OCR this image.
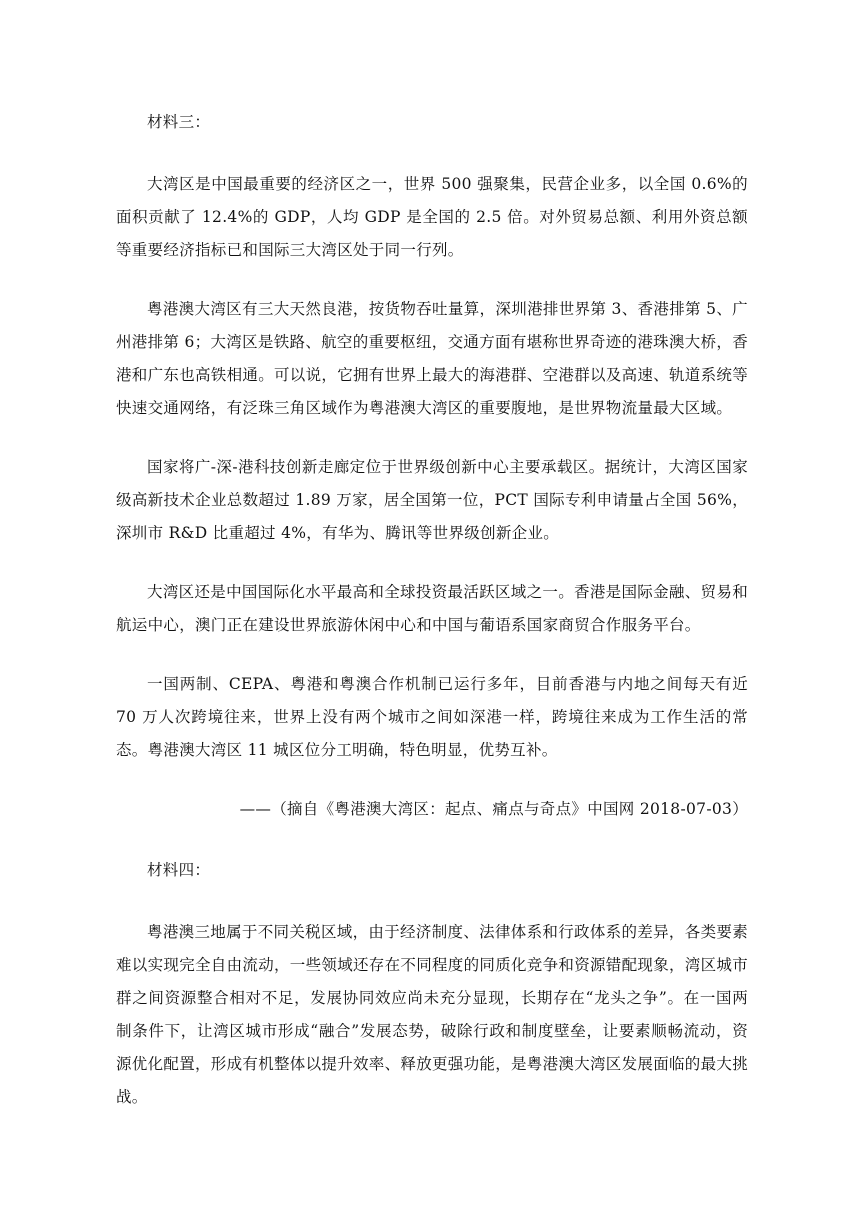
材料三：
大湾区是中国最重要的经济区之一，世界 500 强聚集，民营企业多，以全国 0.6%的面积贡献了 12.4%的 GDP，人均 GDP 是全国的 2.5 倍。对外贸易总额、利用外资总额等重要经济指标已和国际三大湾区处于同一行列。
粤港澳大湾区有三大天然良港，按货物吞吐量算，深圳港排世界第 3、香港排第 5、广州港排第 6；大湾区是铁路、航空的重要枢纽，交通方面有堪称世界奇迹的港珠澳大桥，香港和广东也高铁相通。可以说，它拥有世界上最大的海港群、空港群以及高速、轨道系统等快速交通网络，有泛珠三角区域作为粤港澳大湾区的重要腹地，是世界物流量最大区域。
国家将广-深-港科技创新走廊定位于世界级创新中心主要承载区。据统计，大湾区国家级高新技术企业总数超过 1.89 万家，居全国第一位，PCT 国际专利申请量占全国 56%，深圳市 R&D 比重超过 4%，有华为、腾讯等世界级创新企业。
大湾区还是中国国际化水平最高和全球投资最活跃区域之一。香港是国际金融、贸易和航运中心，澳门正在建设世界旅游休闲中心和中国与葡语系国家商贸合作服务平台。
一国两制、CEPA、粤港和粤澳合作机制已运行多年，目前香港与内地之间每天有近 70 万人次跨境往来，世界上没有两个城市之间如深港一样，跨境往来成为工作生活的常态。粤港澳大湾区 11 城区位分工明确，特色明显，优势互补。
——（摘自《粤港澳大湾区：起点、痛点与奇点》中国网 2018-07-03）
材料四：
粤港澳三地属于不同关税区域，由于经济制度、法律体系和行政体系的差异，各类要素难以实现完全自由流动，一些领域还存在不同程度的同质化竞争和资源错配现象，湾区城市群之间资源整合相对不足，发展协同效应尚未充分显现，长期存在“龙头之争”。在一国两制条件下，让湾区城市形成“融合”发展态势，破除行政和制度壁垒，让要素顺畅流动，资源优化配置，形成有机整体以提升效率、释放更强功能，是粤港澳大湾区发展面临的最大挑战。
